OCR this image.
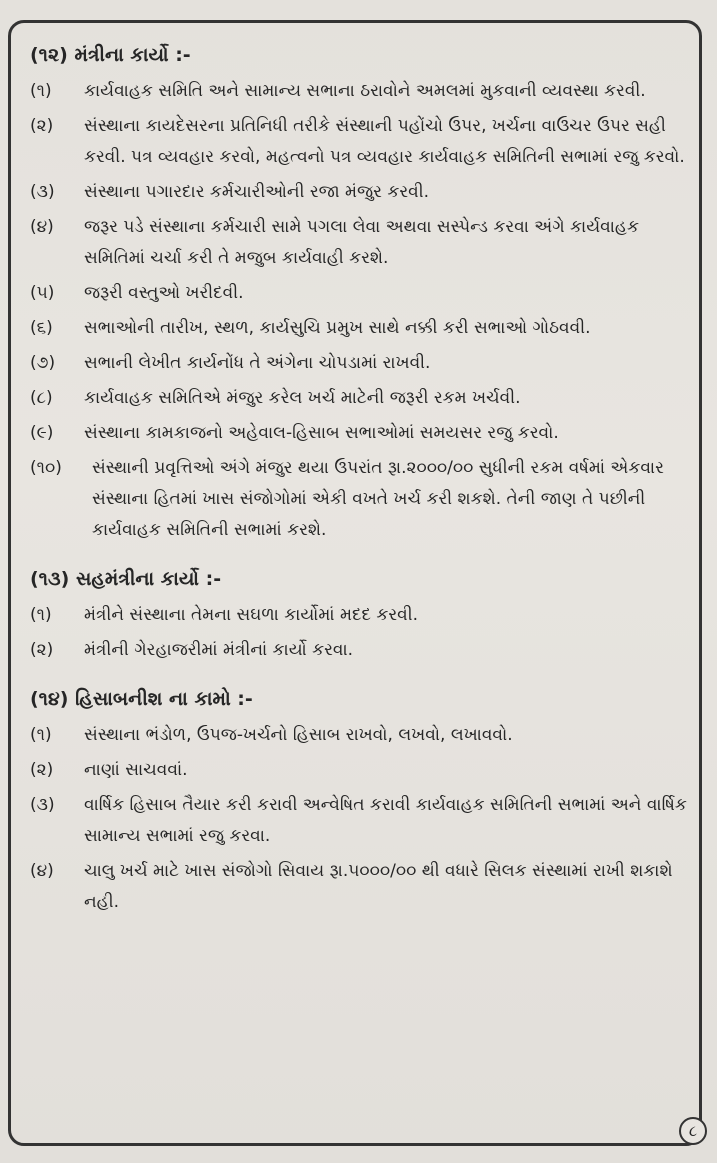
(૧૨) મંત્રીના કાર્યો :-
(૧)	કાર્યવાહક સમિતિ અને સામાન્ય સભાના ઠરાવોને અમલમાં મુકવાની વ્યવસ્થા કરવી.
(૨)	સંસ્થાના કાયદેસરના પ્રતિનિધી તરીકે સંસ્થાની પહોંચો ઉપર, ખર્ચના વાઉચર ઉપર સહી કરવી. પત્ર વ્યવહાર કરવો, મહત્વનો પત્ર વ્યવહાર કાર્યવાહક સમિતિની સભામાં રજુ કરવો.
(૩)	સંસ્થાના પગારદાર કર્મચારીઓની રજા મંજુર કરવી.
(૪)	જરૂર પડે સંસ્થાના કર્મચારી સામે પગલા લેવા અથવા સસ્પેન્ડ કરવા અંગે કાર્યવાહક સમિતિમાં ચર્ચા કરી તે મજુબ કાર્યવાહી કરશે.
(૫)	જરૂરી વસ્તુઓ ખરીદવી.
(૬)	સભાઓની તારીખ, સ્થળ, કાર્યસુચિ પ્રમુખ સાથે નક્કી કરી સભાઓ ગોઠવવી.
(૭)	સભાની લેખીત કાર્યનોંધ તે અંગેના ચોપડામાં રાખવી.
(૮)	કાર્યવાહક સમિતિએ મંજુર કરેલ ખર્ચ માટેની જરૂરી રકમ ખર્ચવી.
(૯)	સંસ્થાના કામકાજનો અહેવાલ-હિસાબ સભાઓમાં સમયસર રજુ કરવો.
(૧૦)	સંસ્થાની પ્રવૃત્તિઓ અંગે મંજુર થયા ઉપરાંત રૂા.૨૦૦૦/૦૦ સુધીની રકમ વર્ષમાં એકવાર સંસ્થાના હિતમાં ખાસ સંજોગોમાં એકી વખતે ખર્ચ કરી શકશે. તેની જાણ તે પછીની કાર્યવાહક સમિતિની સભામાં કરશે.
(૧૩) સહમંત્રીના કાર્યો :-
(૧)	મંત્રીને સંસ્થાના તેમના સઘળા કાર્યોમાં મદદ કરવી.
(૨)	મંત્રીની ગેરહાજરીમાં મંત્રીનાં કાર્યો કરવા.
(૧૪) હિસાબનીશ ના કામો :-
(૧)	સંસ્થાના ભંડોળ, ઉપજ-ખર્ચનો હિસાબ રાખવો, લખવો, લખાવવો.
(૨)	નાણાં સાચવવાં.
(૩)	વાર્ષિક હિસાબ તૈયાર કરી કરાવી અન્વેષિત કરાવી કાર્યવાહક સમિતિની સભામાં અને વાર્ષિક સામાન્ય સભામાં રજુ કરવા.
(૪)	ચાલુ ખર્ચ માટે ખાસ સંજોગો સિવાય રૂા.૫૦૦૦/૦૦ થી વધારે સિલક સંસ્થામાં રાખી શકાશે નહી.
૮
